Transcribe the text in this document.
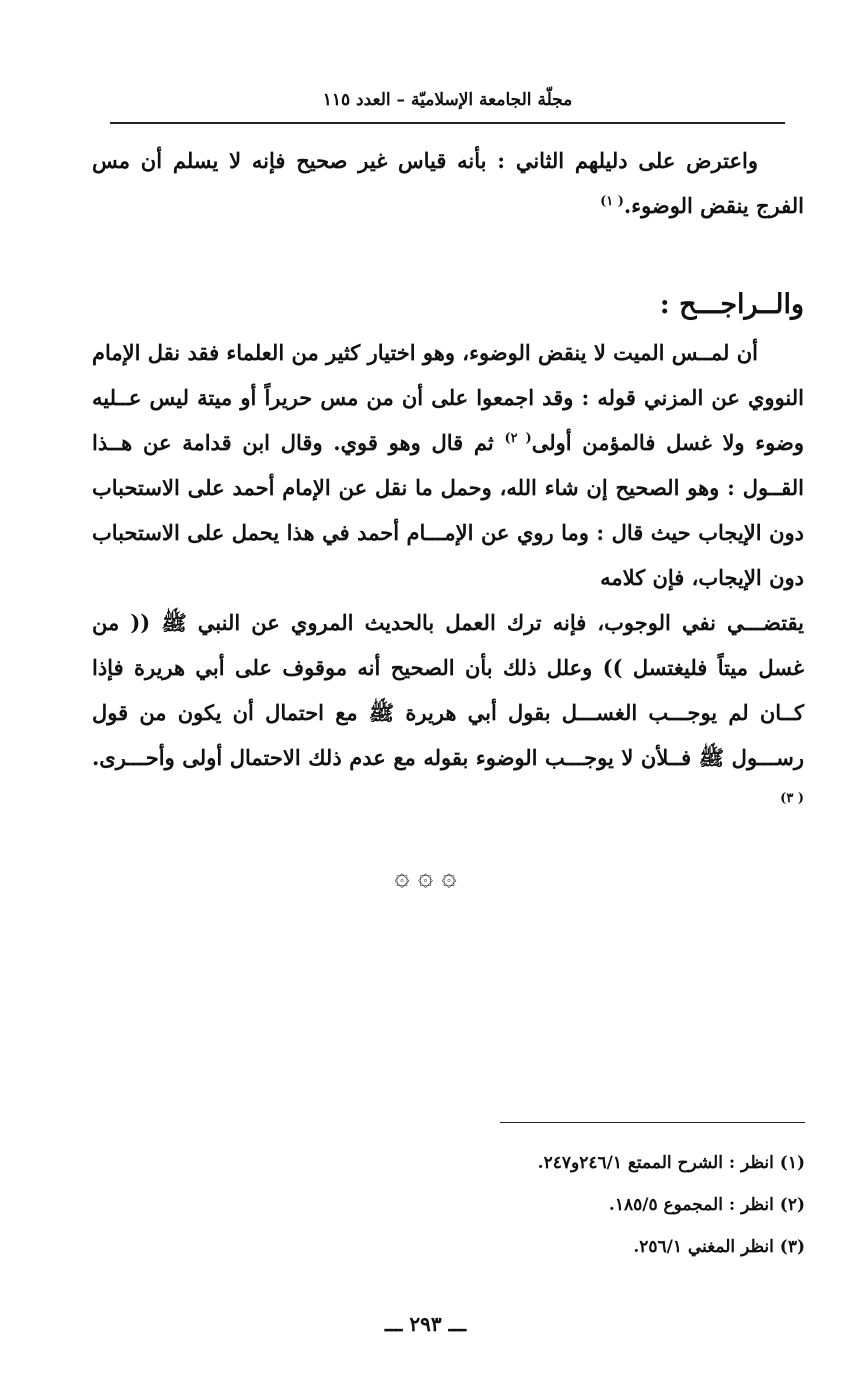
مجلّة الجامعة الإسلاميّة – العدد ١١٥

واعترض على دليلهم الثاني : بأنه قياس غير صحيح فإنه لا يسلم أن مس الفرج ينقض الوضوء.$^{( ١)}$

والــراجـــح :

أن لمــس الميت لا ينقض الوضوء، وهو اختيار كثير من العلماء فقد نقل الإمام النووي عن المزني قوله : وقد اجمعوا على أن من مس حريراً أو ميتة ليس عــليه وضوء ولا غسل فالمؤمن أولى$^{( ٢)}$ ثم قال وهو قوي. وقال ابن قدامة عن هــذا القــول : وهو الصحيح إن شاء الله، وحمل ما نقل عن الإمام أحمد على الاستحباب دون الإيجاب حيث قال : وما روي عن الإمـــام أحمد في هذا يحمل على الاستحباب دون الإيجاب، فإن كلامه

يقتضـــي نفي الوجوب، فإنه ترك العمل بالحديث المروي عن النبي ﷺ (( من غسل ميتاً فليغتسل )) وعلل ذلك بأن الصحيح أنه موقوف على أبي هريرة فإذا كــان لم يوجـــب الغســـل بقول أبي هريرة ﷺ مع احتمال أن يكون من قول رســـول ﷺ فــلأن لا يوجـــب الوضوء بقوله مع عدم ذلك الاحتمال أولى وأحـــرى.$^{( ٣)}$

۞ ۞ ۞
(١) انظر : الشرح الممتع ٢٤٦/١و٢٤٧.
(٢) انظر : المجموع ١٨٥/٥.
(٣) انظر المغني ٢٥٦/١.
ـــ ٢٩٣ ـــ
